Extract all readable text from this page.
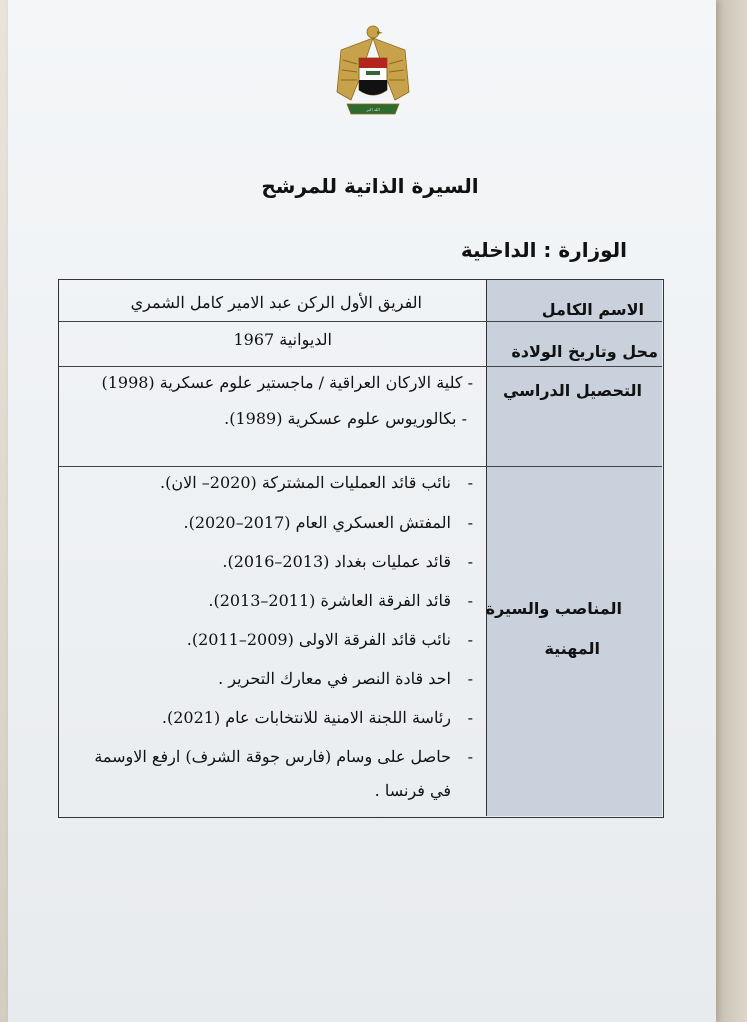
الله اكبر
السيرة الذاتية للمرشح
الوزارة : الداخلية
الاسم الكامل
الفريق الأول الركن عبد الامير كامل الشمري
محل وتاريخ الولادة
الديوانية 1967
التحصيل الدراسي
- كلية الاركان العراقية / ماجستير علوم عسكرية (1998)
- بكالوريوس علوم عسكرية (1989).
المناصب والسيرة
المهنية
-نائب قائد العمليات المشتركة (2020– الان).
-المفتش العسكري العام (2017–2020).
-قائد عمليات بغداد (2013–2016).
-قائد الفرقة العاشرة (2011–2013).
-نائب قائد الفرقة الاولى (2009–2011).
-احد قادة النصر في معارك التحرير .
-رئاسة اللجنة الامنية للانتخابات عام (2021).
-حاصل على وسام (فارس جوقة الشرف) ارفع الاوسمة
في فرنسا .
